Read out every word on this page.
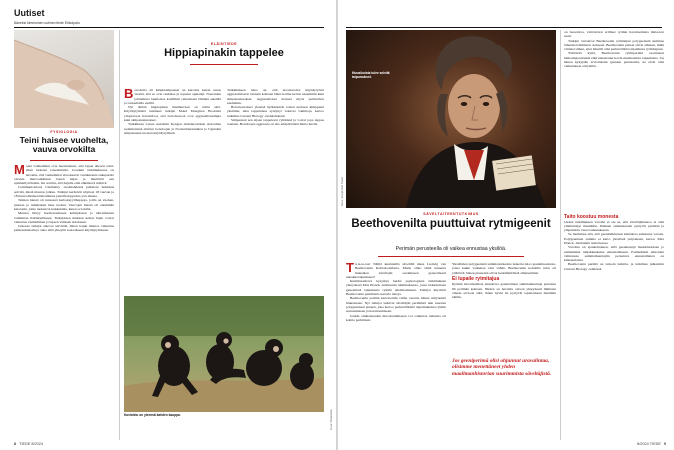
Uutiset
Ääneksi kimmoinen uutinen tiede Erikoipalu
FYSIOLOGIA
Teini haisee vuohelta, vauva orvokilta
M onet vanhemmat ovat huomanneet, että lapset alkavat teini-iässä tuoksua toisenlaisilta. Jossakin tutkimuksessa on havaittu, että vanhemmat vieroksuvat vastakkaista sukupuolta olevien murrosikäisten lasten hajua ja mieltävät sen epämiellyttäväksi. On arveltu, että hajulla olisi ehkäisevä tehtävä.

Communications Chemistry -tiedelehdessä julkaistu tutkimus selvitti, mistä muutos johtuu. Tutkijat keräsivät näytteet 18 vauvan ja 18 murrosikäisen hikoilleista puuvillatoppeista yön aikana.

Teinien hiessä oli runsaasti karboksyylihappoja, joilla on vuohen, juuston ja tunkkaisen hien tuoksu. Vauvojen hiessä oli enemmän ketoneita, jotka tuoksuvat kukkaisilta, kuten orvokilta.

Muutos liittyy hormonaaliseen kehitykseen ja talirauhasten toiminnan lisääntymiseen. Tutkijoiden mukaan kehon hajut voivat vaikuttaa vanhemman ja lapsen väliseen sidokseen.

Jatkossa tutkijat aikovat selvittää, miten hajun muutos vaikuttaa perhesuhteisiin ja onko sillä yhteyttä sosiaaliseen käyttäytymiseen.

ELÄINTIEDE
Hippiapinakin tappelee
B onobolla eli kääpiösimpanssi on kerrottu kauan sanaa viestiä, että se ovat rauhaisa ja sopuisa apinalaji. Naaraiden johtamissa laumoissa konfliktit ratkaistaan lähinnä seksillä ja sosiaalisilla eleillä.

Nyt tämän hippiapinan mielikuvaan on tullut särö. Käyttäytymistä tutkineet tutkijat Maud Mouginot Bostonin yliopistosta havaitsivat, että bonobouroat ovat aggressiivisempia kuin simpanssiurokset.

Tutkimusta varten seurattiin Kongon demokraattisen tasavallan sademetsissä elävien bonobojen ja Norsunluurannikon ja Ugandan simpanssien urosten käyttäytymistä.

Tutkimuksen tulos on, että urosbonobot käyttäytyivät aggressiivisesti toisiaan kohtaan lähes kolme kertaa useammin kuin simpanssiurokset. Aggressiiviset urokset myös parittelivat enemmän.

Bonobourokset yleensä hyökkäsivät toisen uroksen kimppuun yksittäin, eikä tappeluissa syntynyt vakavia vammoja, kertoo tutkimus Current Biology -tiedelehdessä.

Simpanssit sen sijaan tappelevat ryhmissä ja voivat jopa tappaa toisiaan. Bonobojen aggressio on siis arkipäiväistä mutta lievää.

Kovistelu on yleensä kahden kauppa.	Kuvat: Shutterstock
8 TIEDE 8/2024
Muusikoista tulee selvitä taipumukset.
Kuva: Joseph Karl Stieler
SÄVELTAITEENTUTKIMUS
Beethovenilta puuttuivat rytmigeenit
Perimän perusteella oli vaikea ennustaa yksilöä.
T ä-ta-ta-taa! Näillä kuuluisilla sävelillä alkaa Ludwig van Beethovenin Kohtalosinfonia. Mutta oliko tämä tunnettu muusikon sävellajin osaamiseen geneettisesti ennakkotaipumusta?

Kummasteltava kysymys heräsi psykologisen tutkimuksen yhteydessä Max Planck -instituutin tutkimuksessa, jossa tarkastellaan geneettistä taipumusta rytmin tahdistamiseen. Tutkijat käyttivät Beethovenin perimästä saatavia tietoja.

Beethovenin perimä kartoitettiin viime vuonna hänen säilyneistä hiuksistaan. Nyt tutkijat laskivat säveltäjän perimästä niin sanotun polygeenisen pisteen, joka kertoo perinnöllisistä taipumuksista rytmin seuraamiseen ja havaitsemiseen.

Jonkin ominaisuuden muodostumiseen voi vaikuttaa tuhansia eri kohtia perimässä.

Yksilöiden polygeenistä summatuloksista laskettu tulos geenimuodoista, joista kukin vaikuttaa vain vähän. Beethovenin kohdalla tulos oli yllättävä: hänen pisteensä olivat keskimääräistä alhaisemmat.

Ei lupaile rytmitajua

Rytmin havaitsemista ennustava geenietiinen summamuuttuja perustuu 69 perimän kohtaan. Niiden on havaittu olevan yhteydessä ihmisten omaan arvioon siitä, miten hyvin he pystyvät taputtamaan musiikin tahtiin.

Jos geeniperimä olisi ohjannut uravalintaa, olisimme menettäneet yhden maailmanhistorian suurimmista säveltäjistä.

on luotettava, vahvistavat erilliset rytmin havaitsemista mittaavat testit.

Tutkijat vertasivat Beethovenin rytmitajun polygeenistä summaa tuhansien ihmisten otokseen. Beethovenin pisteet olivat alhaiset, mikä viittaisi siihen, ettei hänellä olisi perinnöllistä taipumusta rytmitajuun.

Ylättävää kyllä, Beethovenin rytmiperimä osoittautui heikompiosaiseksi eikä ennustanut kovin musikaalista taipumusta. Jos hänen kykyjään arvioitaisiin geenien perusteella, ne eivät olisi vaikuttaneet erityisiltä.

Taito koostuu monesta

Uuden tutkimuksen varoma ei ole se, että säveltäjänneroa ei olisi ymmärtänyt musiikkia. Ihmisen ominaisuudet syntyvät perimän ja ympäristön vuorovaikutuksesta.

Se merkitsee sitä, että geenitulkintaan kannattaa suhtautua varoen. Polygeeninen summa ei kerro yksilöstä paljoakaan, kertoo Max Planck -instituutin tiedotteessa.

Varoitus on ajankohtainen, sillä geenitestejä markkinoidaan jo esimerkiksi lahjakkuuksien ennustamiseen. Esimerkiksi alkioiden valinnassa summamuuttujiin perustuva ennustaminen on kiistanalaista.

Beethovenin perimä on tarkoin tutkittu, ja tutkimus julkaistiin Current Biology -lehdessä.

8/2024 TIEDE 9
